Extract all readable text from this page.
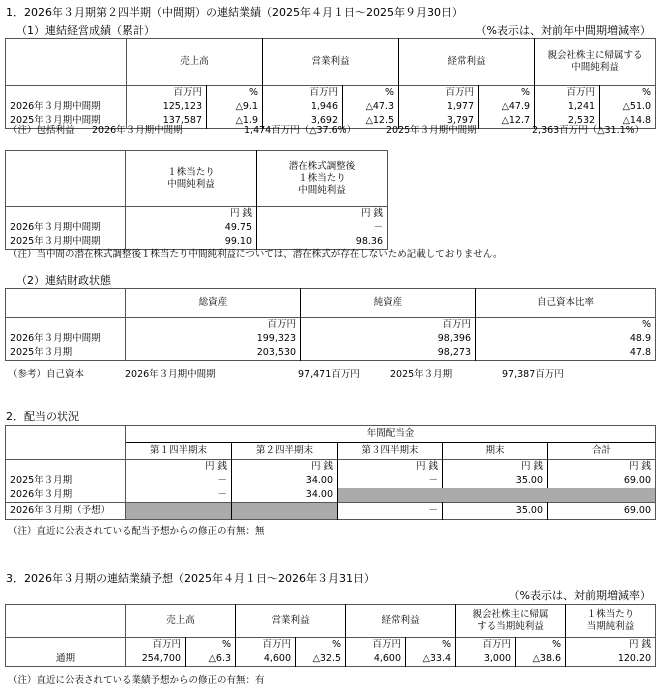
1．2026年３月期第２四半期（中間期）の連結業績（2025年４月１日～2025年９月30日）
（1）連結経営成績（累計）	（%表示は、対前年中間期増減率）
	売上高		営業利益		経常利益		親会社株主に帰属する
中間純利益	

	百万円	%	百万円	%	百万円	%	百万円	%
2026年３月期中間期	125,123	△9.1	1,946	△47.3	1,977	△47.9	1,241	△51.0
2025年３月期中間期	137,587	△1.9	3,692	△12.5	3,797	△12.7	2,532	△14.8
（注）包括利益 2026年３月期中間期	1,474百万円（△37.6%）	2025年３月期中間期	2,363百万円（△31.1%）

１株当たり
中間純利益

潜在株式調整後
１株当たり
中間純利益

	円 銭	円 銭
2026年３月期中間期	49.75	－
2025年３月期中間期	99.10	98.36
（注）当中間の潜在株式調整後１株当たり中間純利益については、潜在株式が存在しないため記載しておりません。
（2）連結財政状態
	総資産	純資産	自己資本比率
	百万円	百万円	%
2026年３月期中間期	199,323	98,396	48.9
2025年３月期	203,530	98,273	47.8
（参考）自己資本	2026年３月期中間期	97,471百万円	2025年３月期	97,387百万円
2．配当の状況
	年間配当金				
	第１四半期末	第２四半期末	第３四半期末	期末	合計
	円 銭	円 銭	円 銭	円 銭	円 銭
2025年３月期	－	34.00	－	35.00	69.00
2026年３月期	－	34.00			
2026年３月期（予想）			－	35.00	69.00
（注）直近に公表されている配当予想からの修正の有無：無
3．2026年３月期の連結業績予想（2025年４月１日～2026年３月31日）
（%表示は、対前期増減率）
	売上高	営業利益	経常利益	
親会社株主に帰属
する当期純利益

１株当たり
当期純利益

	百万円	%	百万円	%	百万円	%	百万円	%	円 銭
通期	254,700	△6.3	4,600	△32.5	4,600	△33.4	3,000	△38.6	120.20
（注）直近に公表されている業績予想からの修正の有無：有
